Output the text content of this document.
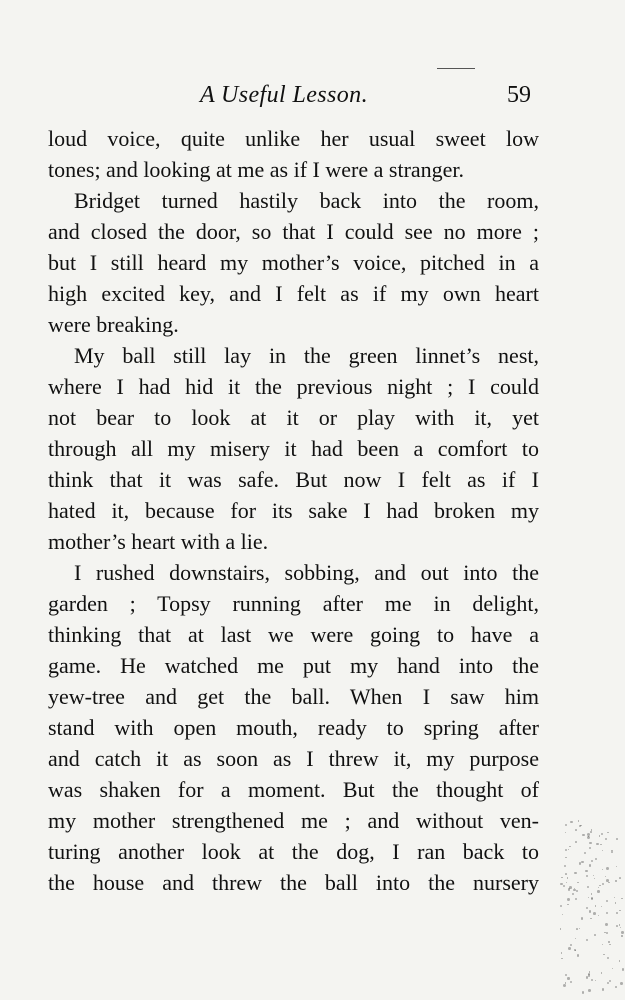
A Useful Lesson.	59
loud voice, quite unlike her usual sweet low
tones; and looking at me as if I were a stranger.
Bridget turned hastily back into the room,
and closed the door, so that I could see no more ;
but I still heard my mother’s voice, pitched in a
high excited key, and I felt as if my own heart
were breaking.
My ball still lay in the green linnet’s nest,
where I had hid it the previous night ; I could
not bear to look at it or play with it, yet
through all my misery it had been a comfort to
think that it was safe. But now I felt as if I
hated it, because for its sake I had broken my
mother’s heart with a lie.
I rushed downstairs, sobbing, and out into the
garden ; Topsy running after me in delight,
thinking that at last we were going to have a
game. He watched me put my hand into the
yew-tree and get the ball. When I saw him
stand with open mouth, ready to spring after
and catch it as soon as I threw it, my purpose
was shaken for a moment. But the thought of
my mother strengthened me ; and without ven-
turing another look at the dog, I ran back to
the house and threw the ball into the nursery
